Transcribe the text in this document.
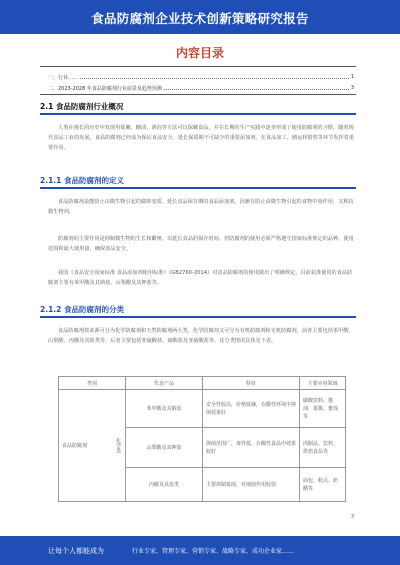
食品防腐剂企业技术创新策略研究报告
内容目录
一、行业……	1
二、2023-2028 年食品防腐剂行业前景及趋势预测	3
2.1 食品防腐剂行业概况

人类在漫长的历史中发现用盐腌、糖渍、酒泡等方法可以保藏食品，并在长期的生产实践中逐步形成了使用防腐剂的习惯。随着现代食品工业的发展，食品防腐剂已经成为保证食品安全、延长保质期不可缺少的重要添加剂，在食品加工、储运和销售等环节发挥着重要作用。

2.1.1 食品防腐剂的定义

食品防腐剂是能防止由微生物引起的腐败变质、延长食品保存期的食品添加剂。因兼有防止由微生物引起的食物中毒作用，又称抗微生物剂。

防腐剂的主要作用是抑制微生物的生长和繁殖，以延长食品的保存时间。但防腐剂的使用必须严格遵守国家标准规定的品种、使用范围和最大使用量，确保食品安全。

我国《食品安全国家标准 食品添加剂使用标准》（GB2760-2014）对食品防腐剂的使用做出了明确规定，目前获准使用的食品防腐剂主要有苯甲酸及其钠盐、山梨酸及其钾盐等。

2.1.2 食品防腐剂的分类

食品防腐剂按来源可分为化学防腐剂和天然防腐剂两大类。化学防腐剂又可分为有机防腐剂和无机防腐剂，前者主要包括苯甲酸、山梨酸、丙酸及其盐类等，后者主要包括亚硫酸盐、硝酸盐及亚硝酸盐等。其分类情况具体见下表。

类别	代表产品	特征	主要应用领域

食品防腐剂 化学类	苯甲酸及其钠盐	安全性较高，价格低廉，在酸性环境中抑菌效果好	碳酸饮料、酱油、果酱、蜜饯等
	山梨酸及其钾盐	抑菌范围广，毒性低，在酸性食品中效果较好	肉制品、饮料、烘焙食品等
	丙酸及其盐类	主要抑制霉菌，对细菌作用较弱	面包、糕点、奶酪等
3
让每个人都能成为	行业专家、管理专家、营销专家、战略专家、成功企业家……
